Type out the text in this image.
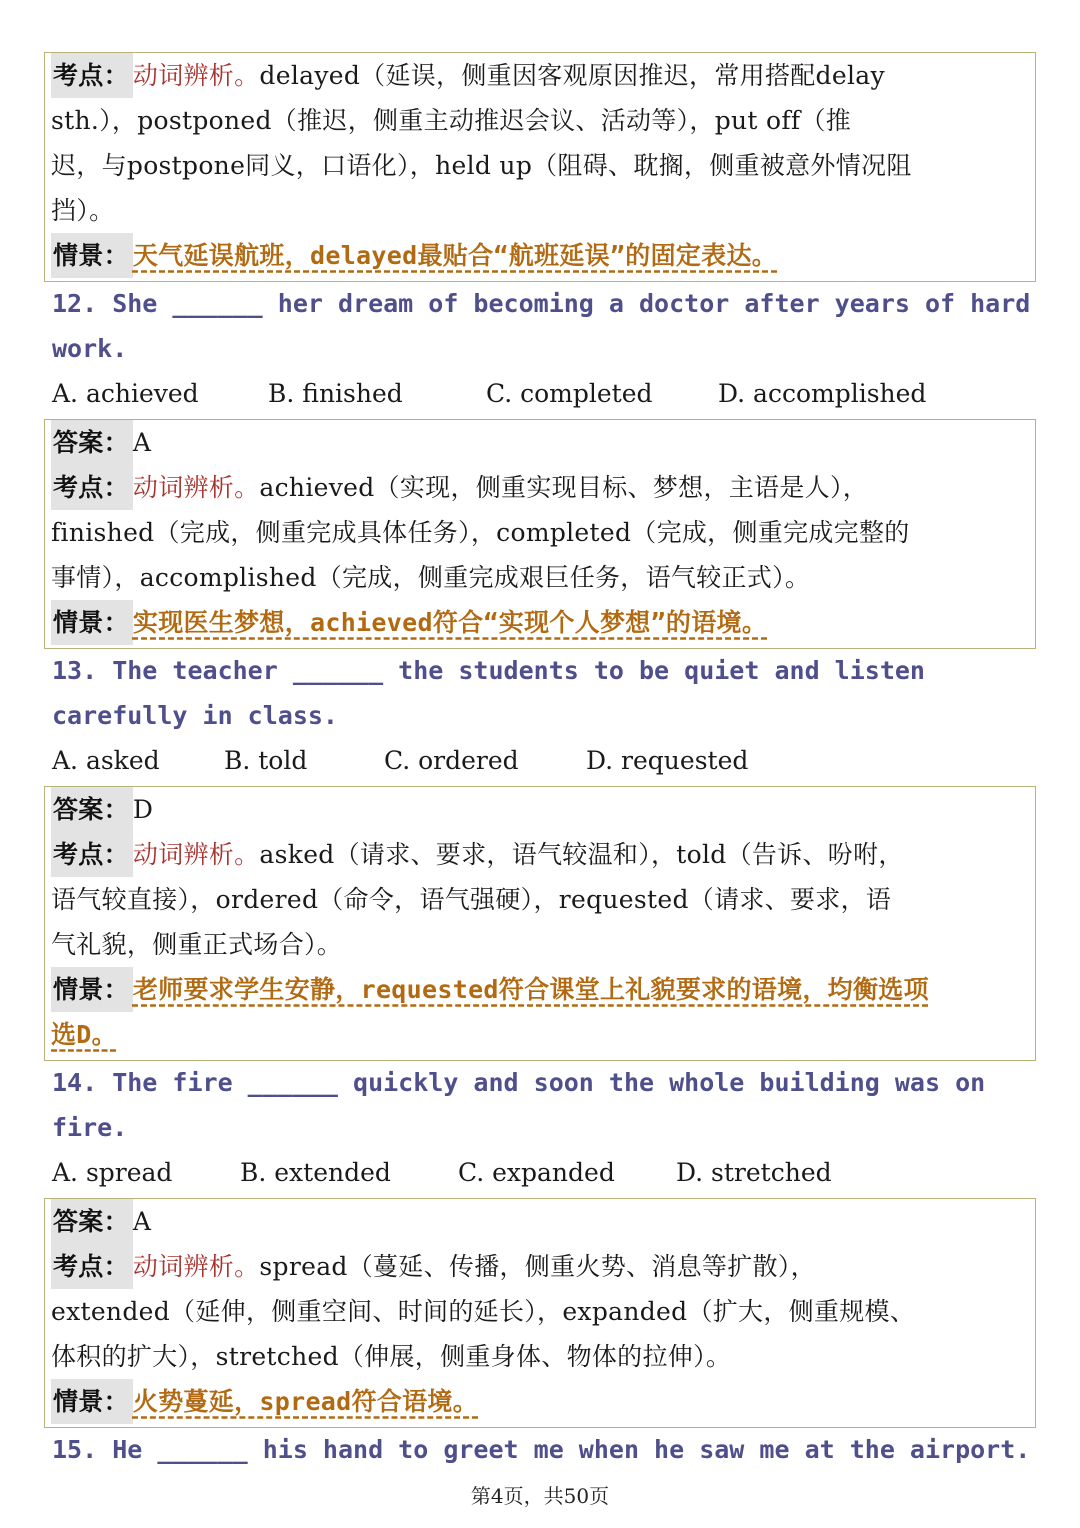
考点： 动词辨析。delayed（延误，侧重因客观原因推迟，常用搭配delay
sth.），postponed（推迟，侧重主动推迟会议、活动等），put off（推
迟，与postpone同义，口语化），held up（阻碍、耽搁，侧重被意外情况阻
挡）。
情景： 天气延误航班，delayed最贴合“航班延误”的固定表达。
12. She ______ her dream of becoming a doctor after years of hard
work.
A. achieved	B. finished	C. completed	D. accomplished
答案： A
考点： 动词辨析。achieved（实现，侧重实现目标、梦想，主语是人），
finished（完成，侧重完成具体任务），completed（完成，侧重完成完整的
事情），accomplished（完成，侧重完成艰巨任务，语气较正式）。
情景： 实现医生梦想，achieved符合“实现个人梦想”的语境。
13. The teacher ______ the students to be quiet and listen
carefully in class.
A. asked	B. told	C. ordered	D. requested
答案： D
考点： 动词辨析。asked（请求、要求，语气较温和），told（告诉、吩咐，
语气较直接），ordered（命令，语气强硬），requested（请求、要求，语
气礼貌，侧重正式场合）。
情景： 老师要求学生安静，requested符合课堂上礼貌要求的语境，均衡选项
选D。
14. The fire ______ quickly and soon the whole building was on
fire.
A. spread	B. extended	C. expanded D. stretched
答案： A
考点： 动词辨析。spread（蔓延、传播，侧重火势、消息等扩散），
extended（延伸，侧重空间、时间的延长），expanded（扩大，侧重规模、
体积的扩大），stretched（伸展，侧重身体、物体的拉伸）。
情景： 火势蔓延，spread符合语境。
15. He ______ his hand to greet me when he saw me at the airport.
第4页，共50页
